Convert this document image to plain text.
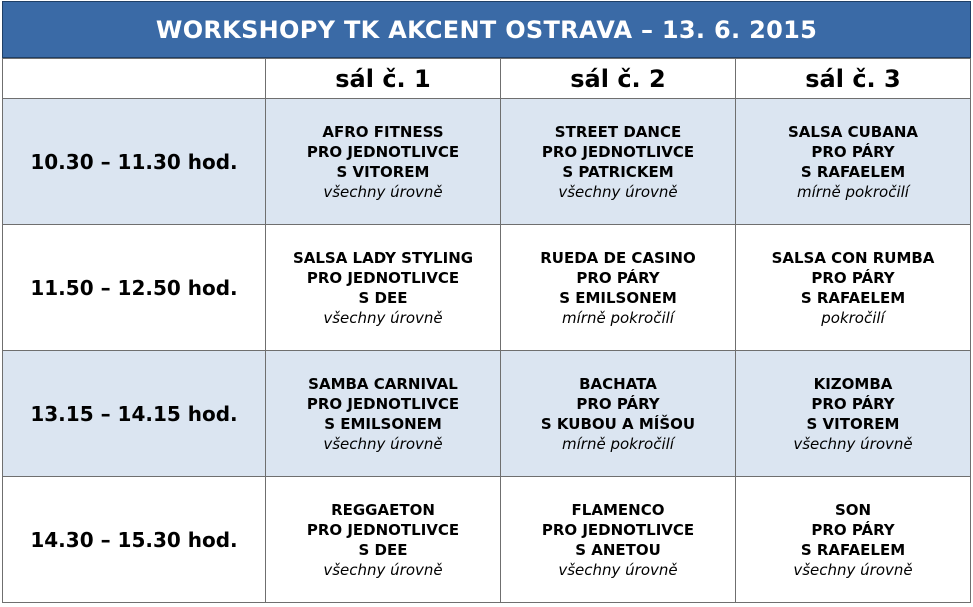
WORKSHOPY TK AKCENT OSTRAVA – 13. 6. 2015
	sál č. 1	sál č. 2	sál č. 3
10.30 – 11.30 hod.	AFRO FITNESS
PRO JEDNOTLIVCE
S VITOREM
všechny úrovně	STREET DANCE
PRO JEDNOTLIVCE
S PATRICKEM
všechny úrovně	SALSA CUBANA
PRO PÁRY
S RAFAELEM
mírně pokročilí

11.50 – 12.50 hod.	SALSA LADY STYLING
PRO JEDNOTLIVCE
S DEE
všechny úrovně	RUEDA DE CASINO
PRO PÁRY
S EMILSONEM
mírně pokročilí	SALSA CON RUMBA
PRO PÁRY
S RAFAELEM
pokročilí

13.15 – 14.15 hod.	SAMBA CARNIVAL
PRO JEDNOTLIVCE
S EMILSONEM
všechny úrovně	BACHATA
PRO PÁRY
S KUBOU A MÍŠOU
mírně pokročilí	KIZOMBA
PRO PÁRY
S VITOREM
všechny úrovně

14.30 – 15.30 hod.	REGGAETON
PRO JEDNOTLIVCE
S DEE
všechny úrovně	FLAMENCO
PRO JEDNOTLIVCE
S ANETOU
všechny úrovně	SON
PRO PÁRY
S RAFAELEM
všechny úrovně
